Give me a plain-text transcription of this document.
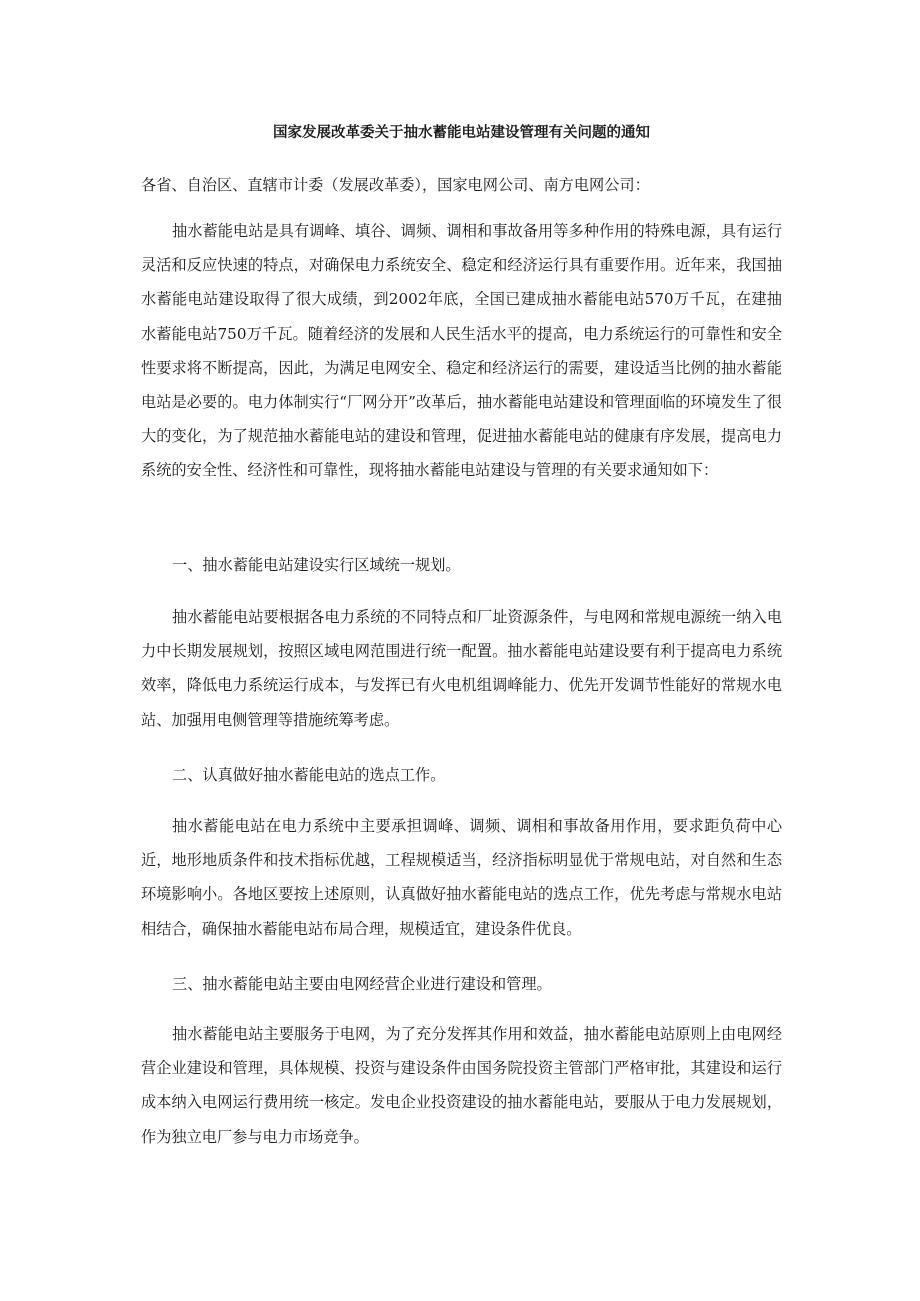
国家发展改革委关于抽水蓄能电站建设管理有关问题的通知

各省、自治区、直辖市计委（发展改革委），国家电网公司、南方电网公司：

抽水蓄能电站是具有调峰、填谷、调频、调相和事故备用等多种作用的特殊电源，具有运行灵活和反应快速的特点，对确保电力系统安全、稳定和经济运行具有重要作用。近年来，我国抽水蓄能电站建设取得了很大成绩，到2002年底，全国已建成抽水蓄能电站570万千瓦，在建抽水蓄能电站750万千瓦。随着经济的发展和人民生活水平的提高，电力系统运行的可靠性和安全性要求将不断提高，因此，为满足电网安全、稳定和经济运行的需要，建设适当比例的抽水蓄能电站是必要的。电力体制实行“厂网分开”改革后，抽水蓄能电站建设和管理面临的环境发生了很大的变化，为了规范抽水蓄能电站的建设和管理，促进抽水蓄能电站的健康有序发展，提高电力系统的安全性、经济性和可靠性，现将抽水蓄能电站建设与管理的有关要求通知如下：

一、抽水蓄能电站建设实行区域统一规划。

抽水蓄能电站要根据各电力系统的不同特点和厂址资源条件，与电网和常规电源统一纳入电力中长期发展规划，按照区域电网范围进行统一配置。抽水蓄能电站建设要有利于提高电力系统效率，降低电力系统运行成本，与发挥已有火电机组调峰能力、优先开发调节性能好的常规水电站、加强用电侧管理等措施统筹考虑。

二、认真做好抽水蓄能电站的选点工作。

抽水蓄能电站在电力系统中主要承担调峰、调频、调相和事故备用作用，要求距负荷中心近，地形地质条件和技术指标优越，工程规模适当，经济指标明显优于常规电站，对自然和生态环境影响小。各地区要按上述原则，认真做好抽水蓄能电站的选点工作，优先考虑与常规水电站相结合，确保抽水蓄能电站布局合理，规模适宜，建设条件优良。

三、抽水蓄能电站主要由电网经营企业进行建设和管理。

抽水蓄能电站主要服务于电网，为了充分发挥其作用和效益，抽水蓄能电站原则上由电网经营企业建设和管理，具体规模、投资与建设条件由国务院投资主管部门严格审批，其建设和运行成本纳入电网运行费用统一核定。发电企业投资建设的抽水蓄能电站，要服从于电力发展规划，作为独立电厂参与电力市场竞争。
